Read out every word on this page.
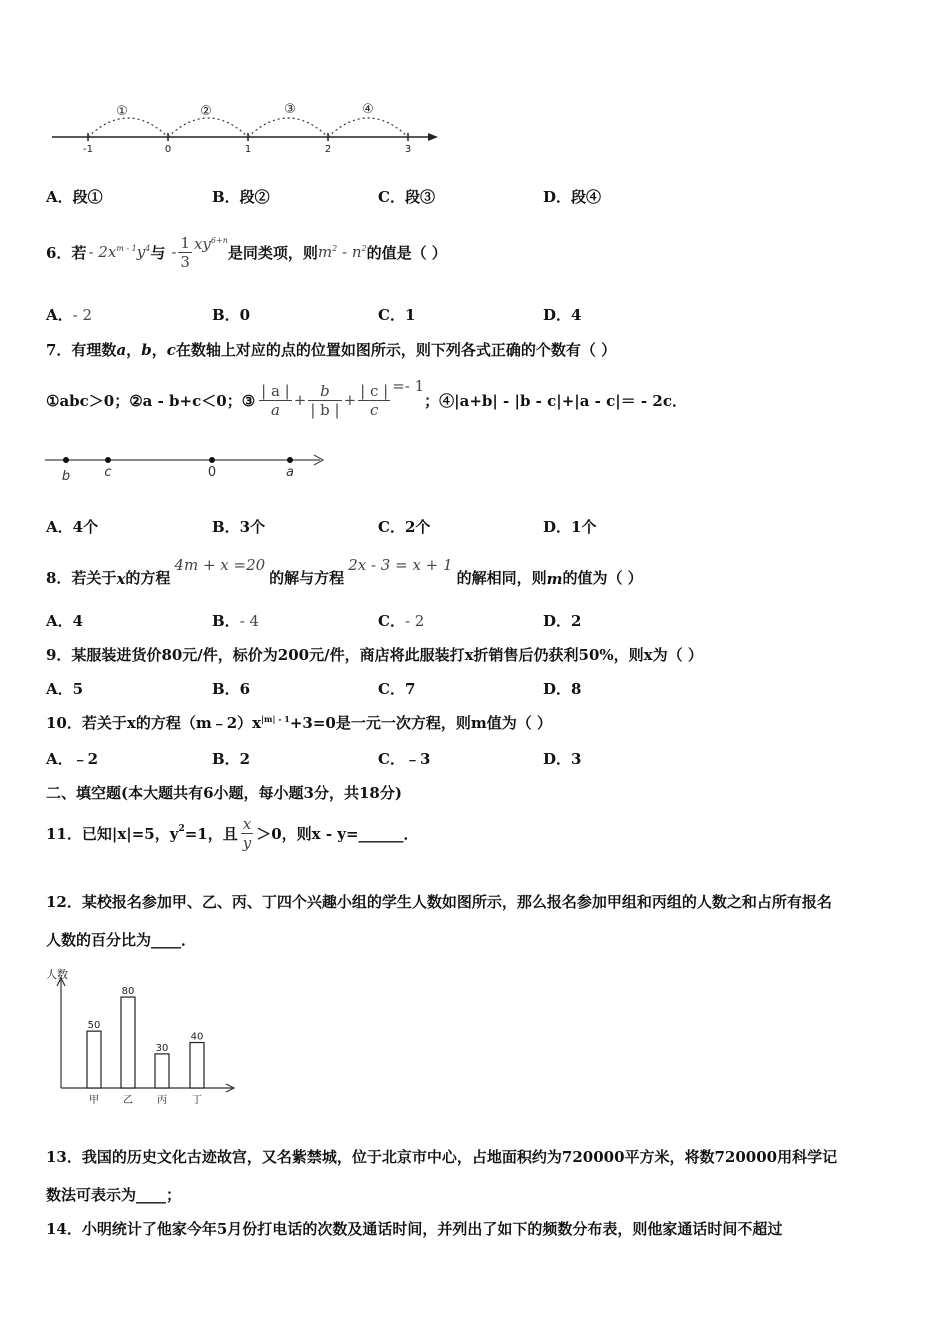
-1	0	1	2	3
①	②	③	④
A．段①	B．段②	C．段③	D．段④
6．若 - $2x^{m - 1}y^4$ 与 - $\frac{1}{3} xy^{6+n}$
是同类项，则 $m^2 - n^2$ 的值是（ ）
A．- 2	B．0	C．1	D．4
7．有理数a，b，c在数轴上对应的点的位置如图所示，则下列各式正确的个数有（ ）
①abc＞0；②a - b+c＜0；③ $\frac{| a |}{a} + \frac{b}{| b |} + \frac{| c |}{c} =- 1$
；④|a+b| - |b - c|+|a - c|＝ - 2c．
b	c	0	a
A．4个	B．3个	C．2个	D．1个
8．若关于 x 的方程
4m + x =20
的解与方程
2x - 3 = x + 1
的解相同，则 m 的值为（ ）
A．4	B．- 4	C．- 2	D．2
9．某服装进货价80元/件，标价为200元/件，商店将此服装打x折销售后仍获利50%，则x为（ ）
A．5	B．6	C．7	D．8
10．若关于x的方程$(m﹣2)x^{|m| - 1}+3=0$是一元一次方程，则m值为（ ）
A．﹣2	B．2	C．﹣3	D．3
二、填空题(本大题共有6小题，每小题3分，共18分)
11．已知|x|=5，$y^2 =1$，且 $\frac{x}{y} >0$，则x - y=______．
12．某校报名参加甲、乙、丙、丁四个兴趣小组的学生人数如图所示，那么报名参加甲组和丙组的人数之和占所有报名
人数的百分比为____．
人数
50
甲
80
乙
30
丙
40
丁
13．我国的历史文化古迹故宫，又名紫禁城，位于北京市中心，占地面积约为720000平方米，将数720000用科学记
数法可表示为____；
14．小明统计了他家今年5月份打电话的次数及通话时间，并列出了如下的频数分布表，则他家通话时间不超过
